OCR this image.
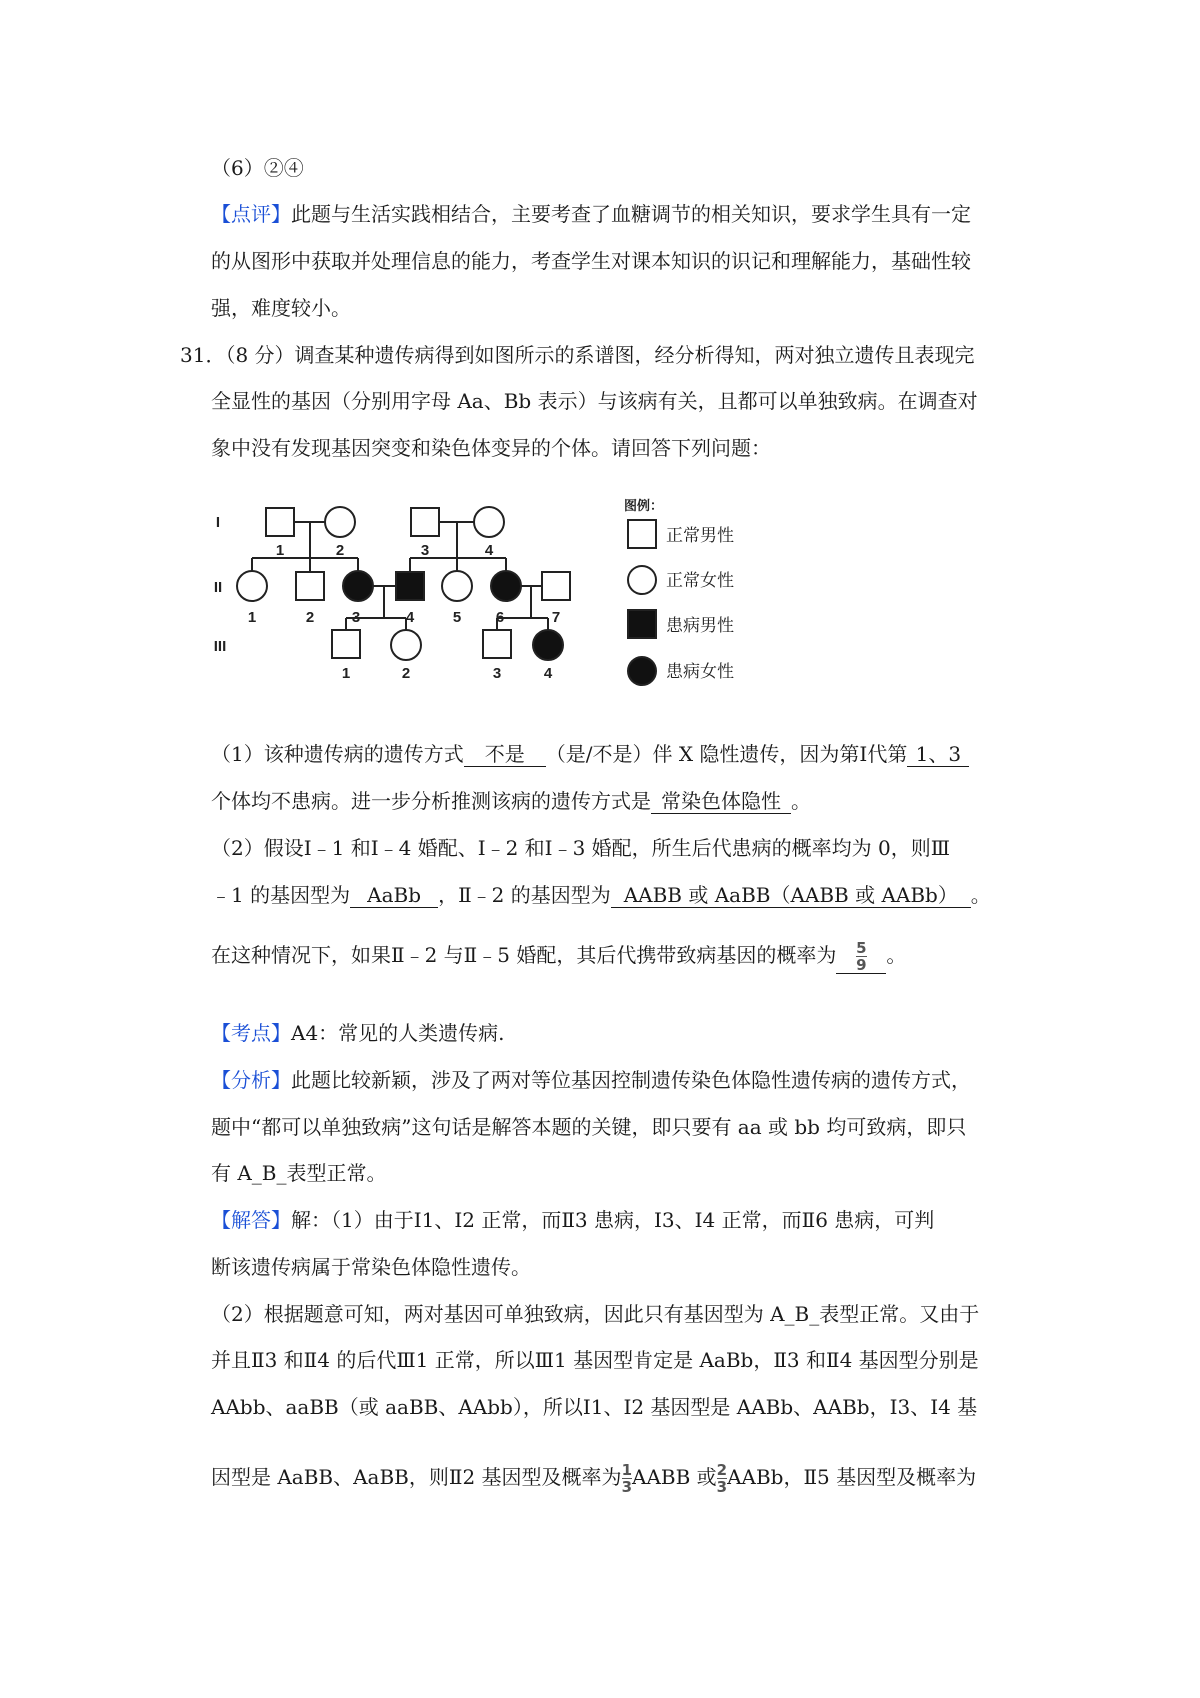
（6）②④
【点评】此题与生活实践相结合，主要考查了血糖调节的相关知识，要求学生具有一定
的从图形中获取并处理信息的能力，考查学生对课本知识的识记和理解能力，基础性较
强，难度较小。
31．（8 分）调查某种遗传病得到如图所示的系谱图，经分析得知，两对独立遗传且表现完
全显性的基因（分别用字母 Aa、Bb 表示）与该病有关，且都可以单独致病。在调查对
象中没有发现基因突变和染色体变异的个体。请回答下列问题：
I
II
III
1	2	3	4
1	2	3	4	5 6	7
1	2	3	4
图例：
正常男性
正常女性
患病男性
患病女性
（1）该种遗传病的遗传方式 不是 （是/不是）伴 X 隐性遗传，因为第Ⅰ代第 1、3
个体均不患病。进一步分析推测该病的遗传方式是 常染色体隐性 。
（2）假设Ⅰ﹣1 和Ⅰ﹣4 婚配、Ⅰ﹣2 和Ⅰ﹣3 婚配，所生后代患病的概率均为 0，则Ⅲ
﹣1 的基因型为 AaBb ，Ⅱ﹣2 的基因型为 AABB 或 AaBB（AABB 或 AABb） 。
在这种情况下，如果Ⅱ﹣2 与Ⅱ﹣5 婚配，其后代携带致病基因的概率为 $\frac{5}{9}$ 。
【考点】A4：常见的人类遗传病.
【分析】此题比较新颖，涉及了两对等位基因控制遗传染色体隐性遗传病的遗传方式，
题中“都可以单独致病”这句话是解答本题的关键，即只要有 aa 或 bb 均可致病，即只
有 A_B_表型正常。
【解答】解：（1）由于Ⅰ1、Ⅰ2 正常，而Ⅱ3 患病，Ⅰ3、Ⅰ4 正常，而Ⅱ6 患病，可判
断该遗传病属于常染色体隐性遗传。
（2）根据题意可知，两对基因可单独致病，因此只有基因型为 A_B_表型正常。又由于
并且Ⅱ3 和Ⅱ4 的后代Ⅲ1 正常，所以Ⅲ1 基因型肯定是 AaBb，Ⅱ3 和Ⅱ4 基因型分别是
AAbb、aaBB（或 aaBB、AAbb），所以Ⅰ1、Ⅰ2 基因型是 AABb、AABb，Ⅰ3、Ⅰ4 基
因型是 AaBB、AaBB，则Ⅱ2 基因型及概率为 $\frac{1}{3}$ AABB 或 $\frac{2}{3}$ AABb，Ⅱ5 基因型及概率为
